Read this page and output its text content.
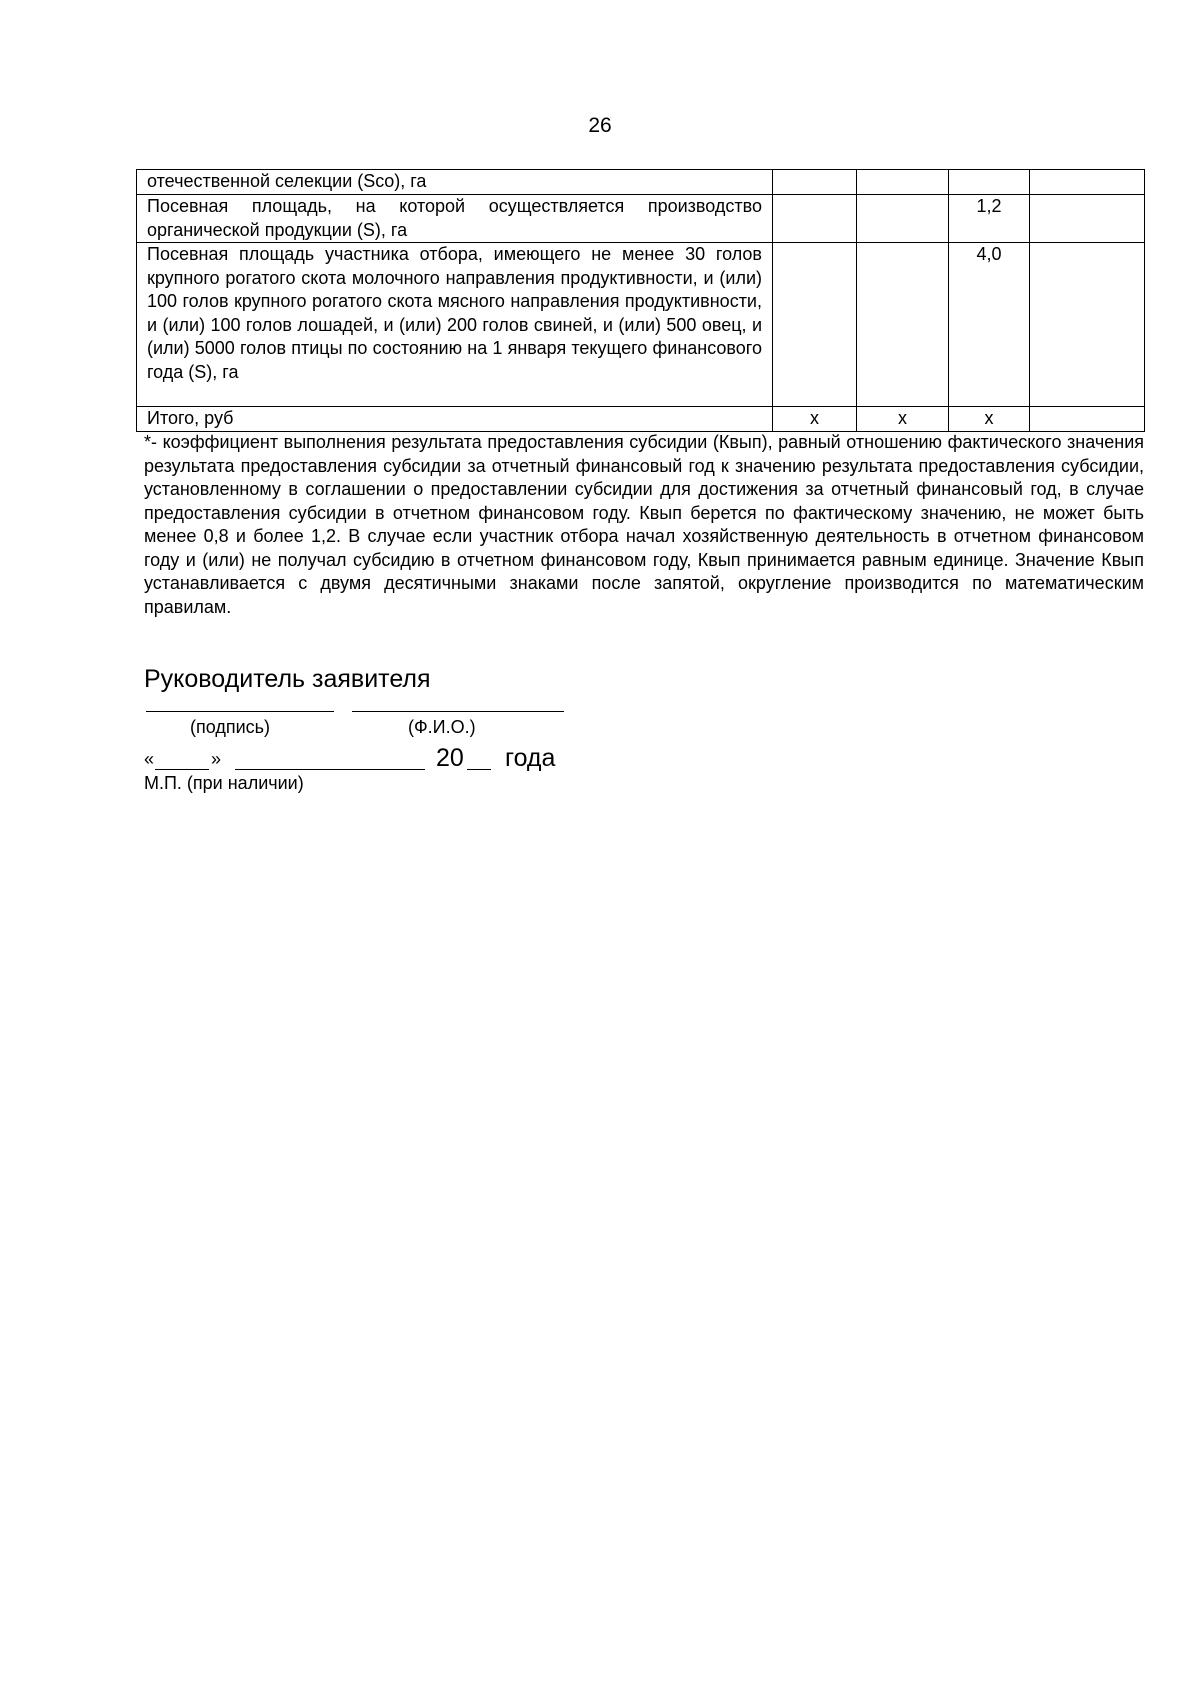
26
отечественной селекции (Sco), га				
Посевная площадь, на которой осуществляется производство органической продукции (S), га			1,2	
Посевная площадь участника отбора, имеющего не менее 30 голов крупного рогатого скота молочного направления продуктивности, и (или) 100 голов крупного рогатого скота мясного направления продуктивности, и (или) 100 голов лошадей, и (или) 200 голов свиней, и (или) 500 овец, и (или) 5000 голов птицы по состоянию на 1 января текущего финансового года (S), га			4,0	
Итого, руб	х	х	х	
*- коэффициент выполнения результата предоставления субсидии (Квып), равный отношению фактического значения результата предоставления субсидии за отчетный финансовый год к значению результата предоставления субсидии, установленному в соглашении о предоставлении субсидии для достижения за отчетный финансовый год, в случае предоставления субсидии в отчетном финансовом году. Квып берется по фактическому значению, не может быть менее 0,8 и более 1,2. В случае если участник отбора начал хозяйственную деятельность в отчетном финансовом году и (или) не получал субсидию в отчетном финансовом году, Квып принимается равным единице. Значение Квып устанавливается с двумя десятичными знаками после запятой, округление производится по математическим правилам.
Руководитель заявителя
(подпись)	(Ф.И.О.)
«	»	20 года
М.П. (при наличии)
